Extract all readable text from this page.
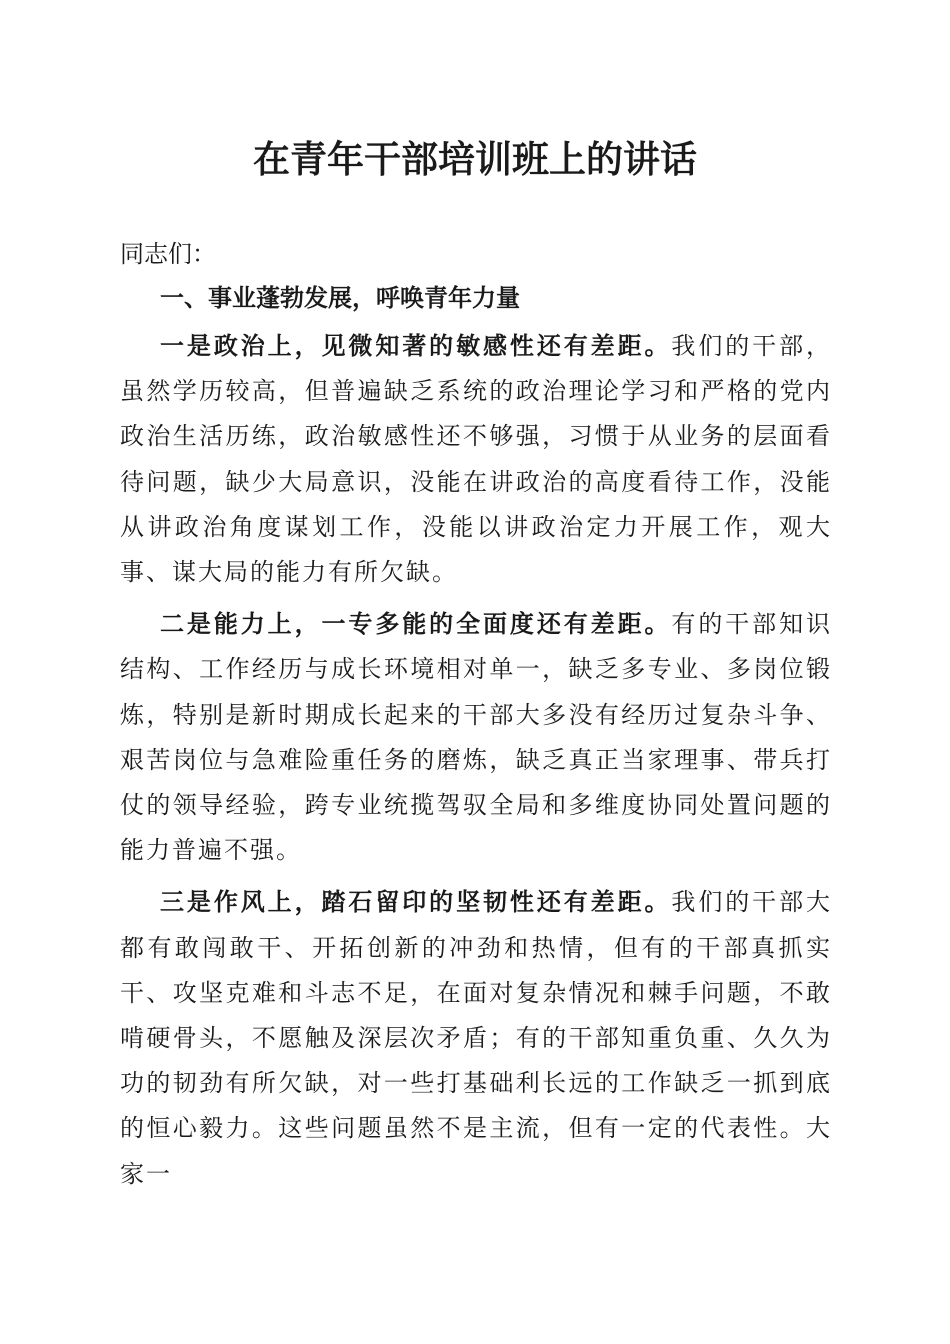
在青年干部培训班上的讲话

同志们：

一、事业蓬勃发展，呼唤青年力量

一是政治上，见微知著的敏感性还有差距。我们的干部，虽然学历较高，但普遍缺乏系统的政治理论学习和严格的党内政治生活历练，政治敏感性还不够强，习惯于从业务的层面看待问题，缺少大局意识，没能在讲政治的高度看待工作，没能从讲政治角度谋划工作，没能以讲政治定力开展工作，观大事、谋大局的能力有所欠缺。

二是能力上，一专多能的全面度还有差距。有的干部知识结构、工作经历与成长环境相对单一，缺乏多专业、多岗位锻炼，特别是新时期成长起来的干部大多没有经历过复杂斗争、艰苦岗位与急难险重任务的磨炼，缺乏真正当家理事、带兵打仗的领导经验，跨专业统揽驾驭全局和多维度协同处置问题的能力普遍不强。

三是作风上，踏石留印的坚韧性还有差距。我们的干部大都有敢闯敢干、开拓创新的冲劲和热情，但有的干部真抓实干、攻坚克难和斗志不足，在面对复杂情况和棘手问题，不敢啃硬骨头，不愿触及深层次矛盾；有的干部知重负重、久久为功的韧劲有所欠缺，对一些打基础利长远的工作缺乏一抓到底的恒心毅力。这些问题虽然不是主流，但有一定的代表性。大家一
